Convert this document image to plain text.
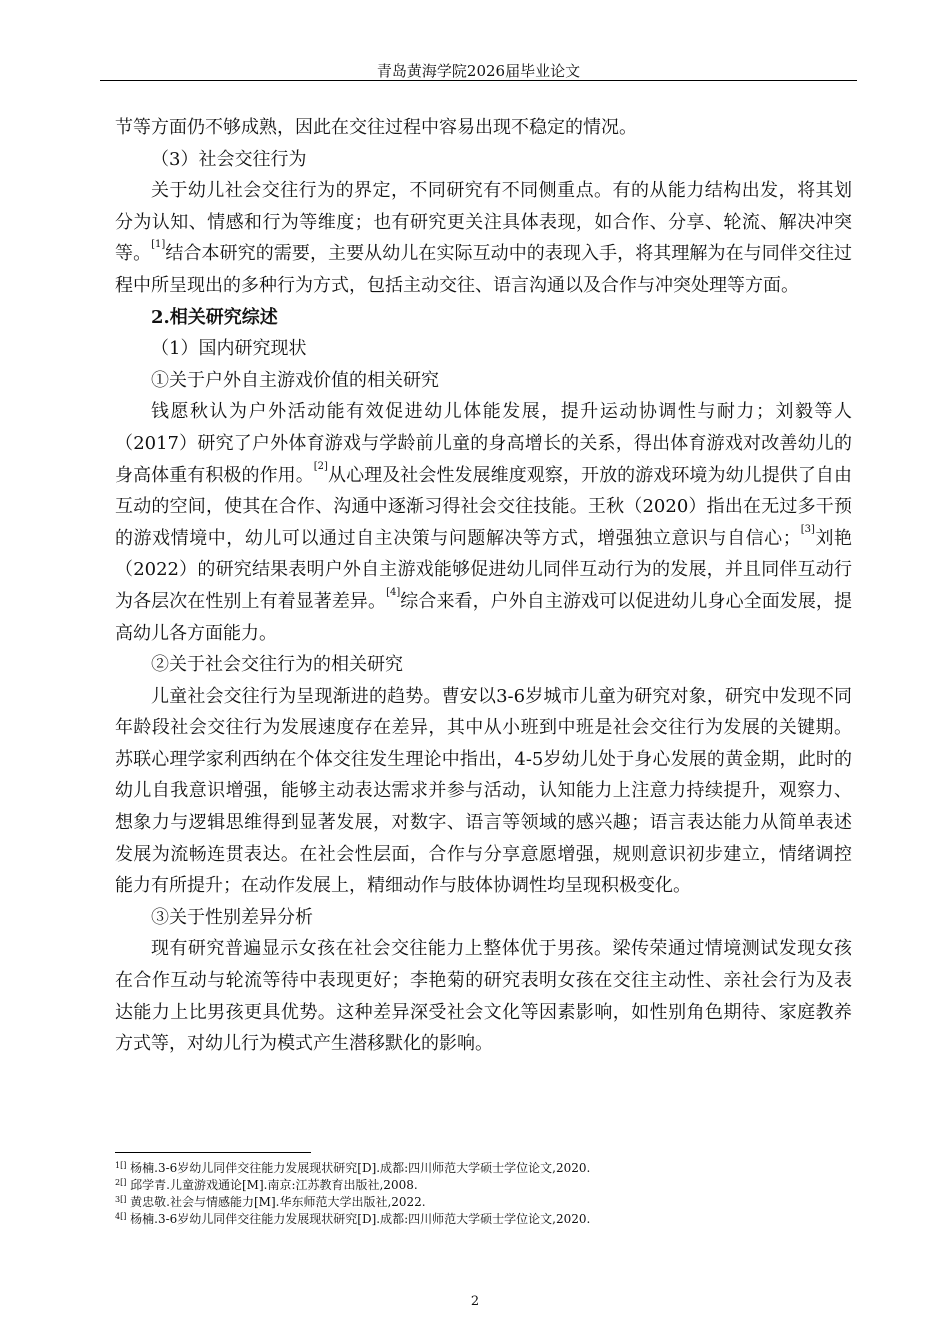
青岛黄海学院2026届毕业论文

节等方面仍不够成熟，因此在交往过程中容易出现不稳定的情况。

（3）社会交往行为

关于幼儿社会交往行为的界定，不同研究有不同侧重点。有的从能力结构出发，将其划分为认知、情感和行为等维度；也有研究更关注具体表现，如合作、分享、轮流、解决冲突等。[1]结合本研究的需要，主要从幼儿在实际互动中的表现入手，将其理解为在与同伴交往过程中所呈现出的多种行为方式，包括主动交往、语言沟通以及合作与冲突处理等方面。

2.相关研究综述

（1）国内研究现状

①关于户外自主游戏价值的相关研究

钱愿秋认为户外活动能有效促进幼儿体能发展，提升运动协调性与耐力；刘毅等人（2017）研究了户外体育游戏与学龄前儿童的身高增长的关系，得出体育游戏对改善幼儿的身高体重有积极的作用。[2]从心理及社会性发展维度观察，开放的游戏环境为幼儿提供了自由互动的空间，使其在合作、沟通中逐渐习得社会交往技能。王秋（2020）指出在无过多干预的游戏情境中，幼儿可以通过自主决策与问题解决等方式，增强独立意识与自信心；[3]刘艳（2022）的研究结果表明户外自主游戏能够促进幼儿同伴互动行为的发展，并且同伴互动行为各层次在性别上有着显著差异。[4]综合来看，户外自主游戏可以促进幼儿身心全面发展，提高幼儿各方面能力。

②关于社会交往行为的相关研究

儿童社会交往行为呈现渐进的趋势。曹安以3-6岁城市儿童为研究对象，研究中发现不同年龄段社会交往行为发展速度存在差异，其中从小班到中班是社会交往行为发展的关键期。苏联心理学家利西纳在个体交往发生理论中指出，4-5岁幼儿处于身心发展的黄金期，此时的幼儿自我意识增强，能够主动表达需求并参与活动，认知能力上注意力持续提升，观察力、想象力与逻辑思维得到显著发展，对数字、语言等领域的感兴趣；语言表达能力从简单表述发展为流畅连贯表达。在社会性层面，合作与分享意愿增强，规则意识初步建立，情绪调控能力有所提升；在动作发展上，精细动作与肢体协调性均呈现积极变化。

③关于性别差异分析

现有研究普遍显示女孩在社会交往能力上整体优于男孩。梁传荣通过情境测试发现女孩在合作互动与轮流等待中表现更好；李艳菊的研究表明女孩在交往主动性、亲社会行为及表达能力上比男孩更具优势。这种差异深受社会文化等因素影响，如性别角色期待、家庭教养方式等，对幼儿行为模式产生潜移默化的影响。

$^{1[]}$ 杨楠.3-6岁幼儿同伴交往能力发展现状研究[D].成都:四川师范大学硕士学位论文,2020.

$^{2[]}$ 邱学青.儿童游戏通论[M].南京:江苏教育出版社,2008.

$^{3[]}$ 黄忠敬.社会与情感能力[M].华东师范大学出版社,2022.

$^{4[]}$ 杨楠.3-6岁幼儿同伴交往能力发展现状研究[D].成都:四川师范大学硕士学位论文,2020.

2
